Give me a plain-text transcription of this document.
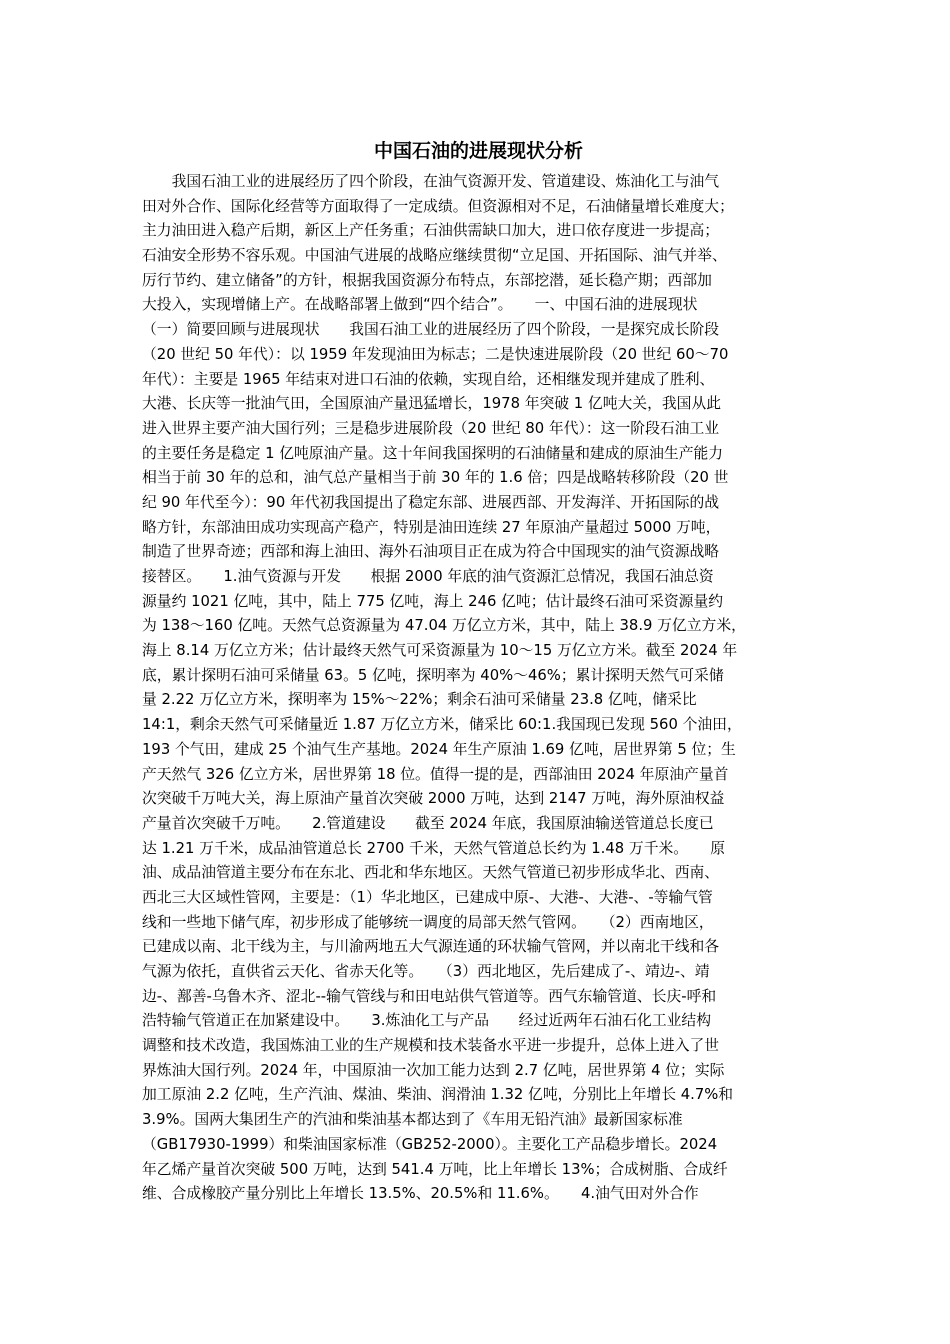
中国石油的进展现状分析
　　我国石油工业的进展经历了四个阶段，在油气资源开发、管道建设、炼油化工与油气
田对外合作、国际化经营等方面取得了一定成绩。但资源相对不足，石油储量增长难度大；
主力油田进入稳产后期，新区上产任务重；石油供需缺口加大，进口依存度进一步提高；
石油安全形势不容乐观。中国油气进展的战略应继续贯彻“立足国、开拓国际、油气并举、
厉行节约、建立储备”的方针，根据我国资源分布特点，东部挖潜，延长稳产期；西部加
大投入，实现增储上产。在战略部署上做到“四个结合”。　　一、中国石油的进展现状
（一）简要回顾与进展现状　　我国石油工业的进展经历了四个阶段，一是探究成长阶段
（20 世纪 50 年代）：以 1959 年发现油田为标志；二是快速进展阶段（20 世纪 60～70
年代）：主要是 1965 年结束对进口石油的依赖，实现自给，还相继发现并建成了胜利、
大港、长庆等一批油气田，全国原油产量迅猛增长，1978 年突破 1 亿吨大关，我国从此
进入世界主要产油大国行列；三是稳步进展阶段（20 世纪 80 年代）：这一阶段石油工业
的主要任务是稳定 1 亿吨原油产量。这十年间我国探明的石油储量和建成的原油生产能力
相当于前 30 年的总和，油气总产量相当于前 30 年的 1.6 倍；四是战略转移阶段（20 世
纪 90 年代至今）：90 年代初我国提出了稳定东部、进展西部、开发海洋、开拓国际的战
略方针，东部油田成功实现高产稳产，特别是油田连续 27 年原油产量超过 5000 万吨，
制造了世界奇迹；西部和海上油田、海外石油项目正在成为符合中国现实的油气资源战略
接替区。　　1.油气资源与开发　　根据 2000 年底的油气资源汇总情况，我国石油总资
源量约 1021 亿吨，其中，陆上 775 亿吨，海上 246 亿吨；估计最终石油可采资源量约
为 138～160 亿吨。天然气总资源量为 47.04 万亿立方米，其中，陆上 38.9 万亿立方米，
海上 8.14 万亿立方米；估计最终天然气可采资源量为 10～15 万亿立方米。截至 2024 年
底，累计探明石油可采储量 63。5 亿吨，探明率为 40%～46%；累计探明天然气可采储
量 2.22 万亿立方米，探明率为 15%～22%；剩余石油可采储量 23.8 亿吨，储采比
14:1，剩余天然气可采储量近 1.87 万亿立方米，储采比 60:1.我国现已发现 560 个油田，
193 个气田，建成 25 个油气生产基地。2024 年生产原油 1.69 亿吨，居世界第 5 位；生
产天然气 326 亿立方米，居世界第 18 位。值得一提的是，西部油田 2024 年原油产量首
次突破千万吨大关，海上原油产量首次突破 2000 万吨，达到 2147 万吨，海外原油权益
产量首次突破千万吨。　　2.管道建设　　截至 2024 年底，我国原油输送管道总长度已
达 1.21 万千米，成品油管道总长 2700 千米，天然气管道总长约为 1.48 万千米。　　原
油、成品油管道主要分布在东北、西北和华东地区。天然气管道已初步形成华北、西南、
西北三大区域性管网，主要是：（1）华北地区，已建成中原-、大港-、大港-、-等输气管
线和一些地下储气库，初步形成了能够统一调度的局部天然气管网。　　（2）西南地区，
已建成以南、北干线为主，与川渝两地五大气源连通的环状输气管网，并以南北干线和各
气源为依托，直供省云天化、省赤天化等。　　（3）西北地区，先后建成了-、靖边-、靖
边-、鄯善-乌鲁木齐、涩北--输气管线与和田电站供气管道等。西气东输管道、长庆-呼和
浩特输气管道正在加紧建设中。　　3.炼油化工与产品　　经过近两年石油石化工业结构
调整和技术改造，我国炼油工业的生产规模和技术装备水平进一步提升，总体上进入了世
界炼油大国行列。2024 年，中国原油一次加工能力达到 2.7 亿吨，居世界第 4 位；实际
加工原油 2.2 亿吨，生产汽油、煤油、柴油、润滑油 1.32 亿吨，分别比上年增长 4.7%和
3.9%。国两大集团生产的汽油和柴油基本都达到了《车用无铅汽油》最新国家标准
（GB17930-1999）和柴油国家标准（GB252-2000）。主要化工产品稳步增长。2024
年乙烯产量首次突破 500 万吨，达到 541.4 万吨，比上年增长 13%；合成树脂、合成纤
维、合成橡胶产量分别比上年增长 13.5%、20.5%和 11.6%。　　4.油气田对外合作
